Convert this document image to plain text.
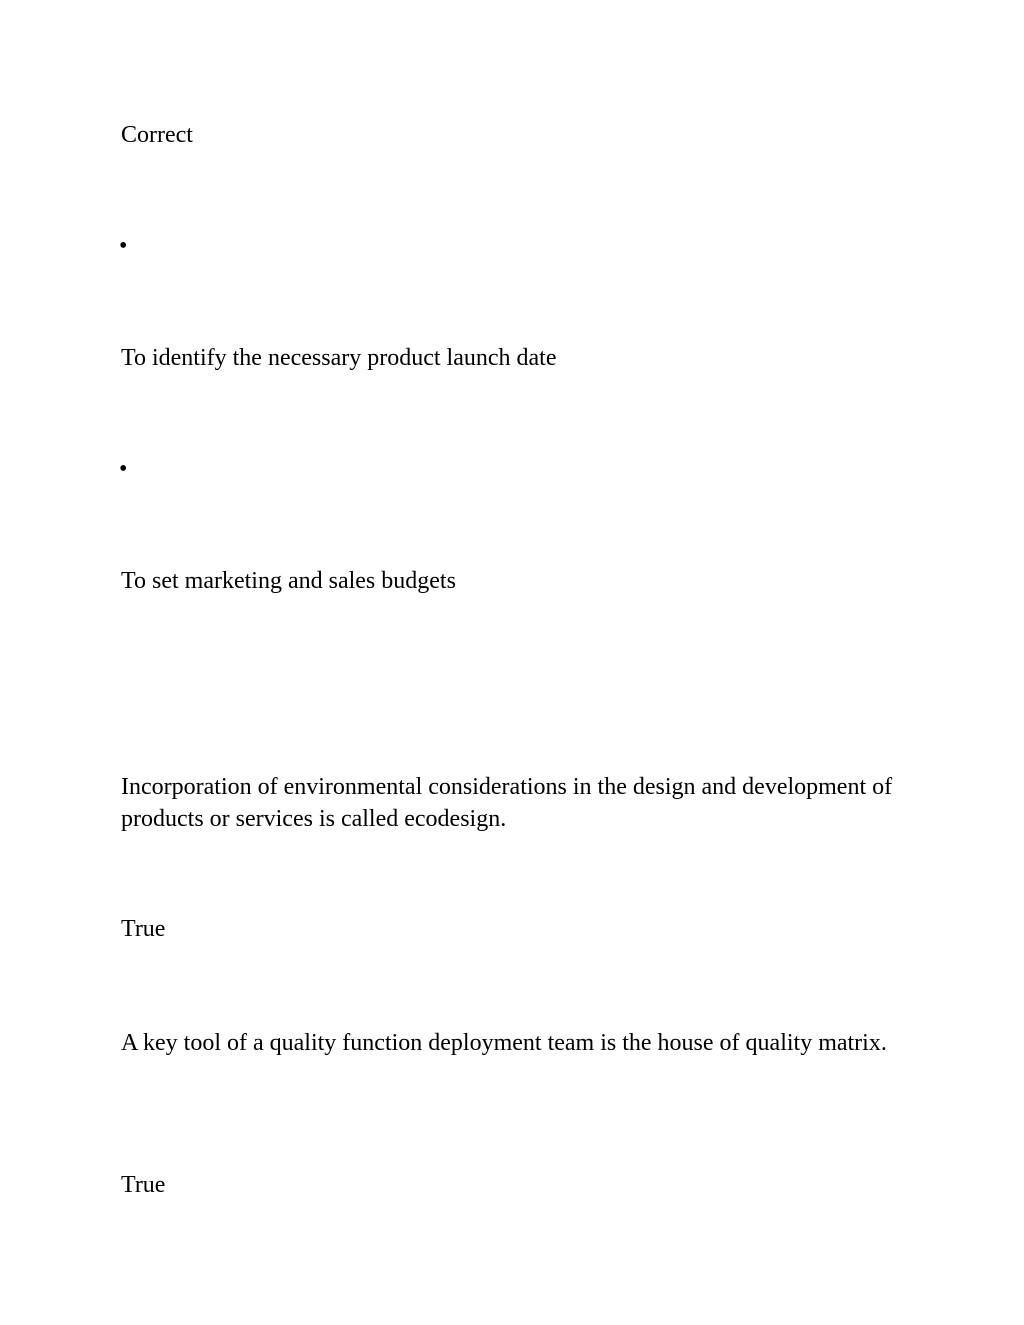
Correct
•
To identify the necessary product launch date
•
To set marketing and sales budgets
Incorporation of environmental considerations in the design and development of products or services is called ecodesign.
True
A key tool of a quality function deployment team is the house of quality matrix.
True
